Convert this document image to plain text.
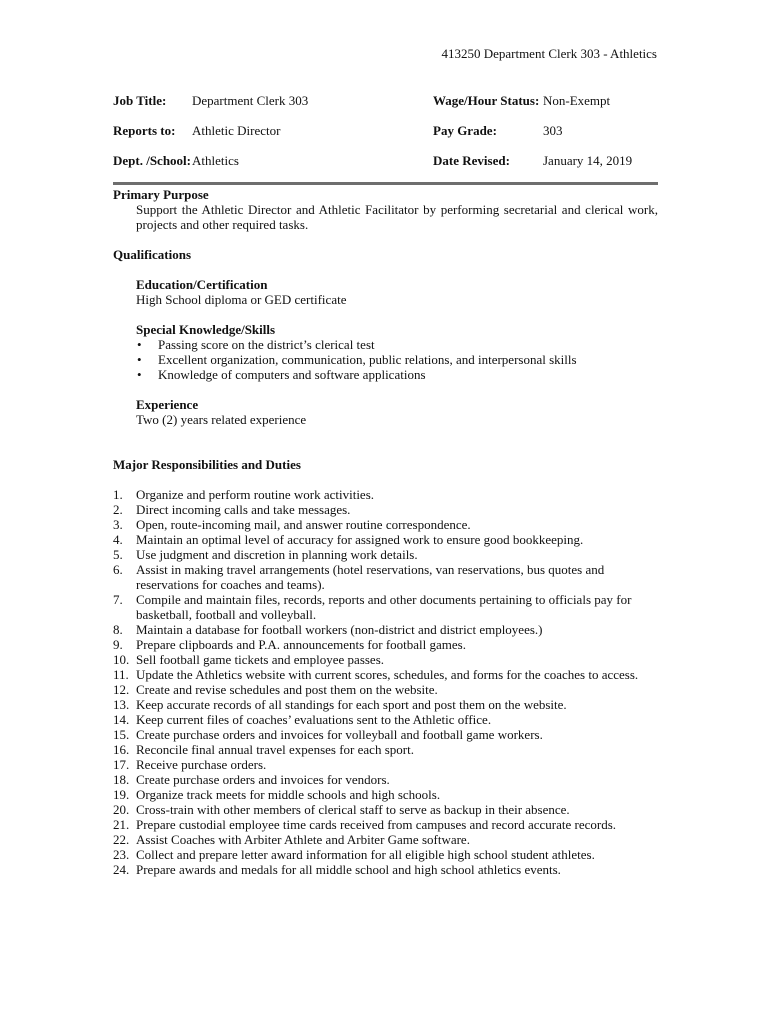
413250 Department Clerk 303 - Athletics
Job Title: Department Clerk 303	Wage/Hour Status: Non-Exempt
Reports to: Athletic Director	Pay Grade:	303
Dept. /School: Athletics	Date Revised:	January 14, 2019
Primary Purpose
Support the Athletic Director and Athletic Facilitator by performing secretarial and clerical work, projects and other required tasks.
Qualifications
Education/Certification
High School diploma or GED certificate
Special Knowledge/Skills
• Passing score on the district’s clerical test
• Excellent organization, communication, public relations, and interpersonal skills
• Knowledge of computers and software applications
Experience
Two (2) years related experience
Major Responsibilities and Duties
1. Organize and perform routine work activities.
2. Direct incoming calls and take messages.
3. Open, route-incoming mail, and answer routine correspondence.
4. Maintain an optimal level of accuracy for assigned work to ensure good bookkeeping.
5. Use judgment and discretion in planning work details.
6. Assist in making travel arrangements (hotel reservations, van reservations, bus quotes and reservations for coaches and teams).
7. Compile and maintain files, records, reports and other documents pertaining to officials pay for basketball, football and volleyball.
8. Maintain a database for football workers (non-district and district employees.)
9. Prepare clipboards and P.A. announcements for football games.
10. Sell football game tickets and employee passes.
11. Update the Athletics website with current scores, schedules, and forms for the coaches to access.
12. Create and revise schedules and post them on the website.
13. Keep accurate records of all standings for each sport and post them on the website.
14. Keep current files of coaches’ evaluations sent to the Athletic office.
15. Create purchase orders and invoices for volleyball and football game workers.
16. Reconcile final annual travel expenses for each sport.
17. Receive purchase orders.
18. Create purchase orders and invoices for vendors.
19. Organize track meets for middle schools and high schools.
20. Cross-train with other members of clerical staff to serve as backup in their absence.
21. Prepare custodial employee time cards received from campuses and record accurate records.
22. Assist Coaches with Arbiter Athlete and Arbiter Game software.
23. Collect and prepare letter award information for all eligible high school student athletes.
24. Prepare awards and medals for all middle school and high school athletics events.
